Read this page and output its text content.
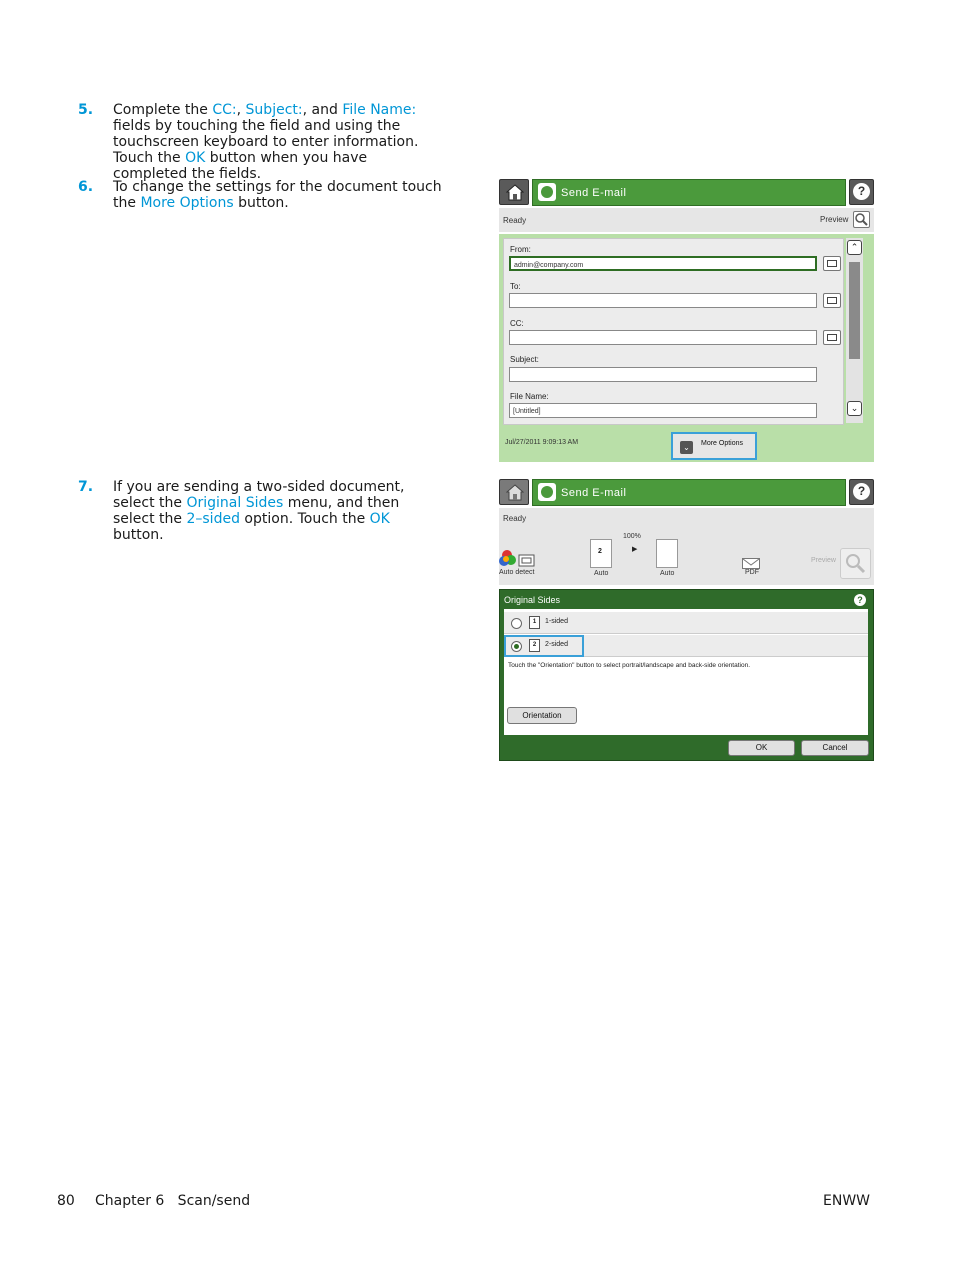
5. Complete the CC:, Subject:, and File Name: fields by touching the field and using the touchscreen keyboard to enter information. Touch the OK button when you have completed the fields.
6. To change the settings for the document touch the More Options button.
7. If you are sending a two-sided document, select the Original Sides menu, and then select the 2–sided option. Touch the OK button.
Send E-mail	?
Ready	Preview
From:
admin@company.com
To:
CC:
Subject:
File Name:
[Untitled]
⌃
⌄
Jul/27/2011 9:09:13 AM
⌄	More Options
Send E-mail	?
Ready
100%
▶
Auto detect
2
Auto	Auto	PDF
Preview
Original Sides	?
1	1-sided
2	2-sided
Touch the "Orientation" button to select portrait/landscape and back-side orientation.
Orientation
OK	Cancel
80 Chapter 6   Scan/send	ENWW
